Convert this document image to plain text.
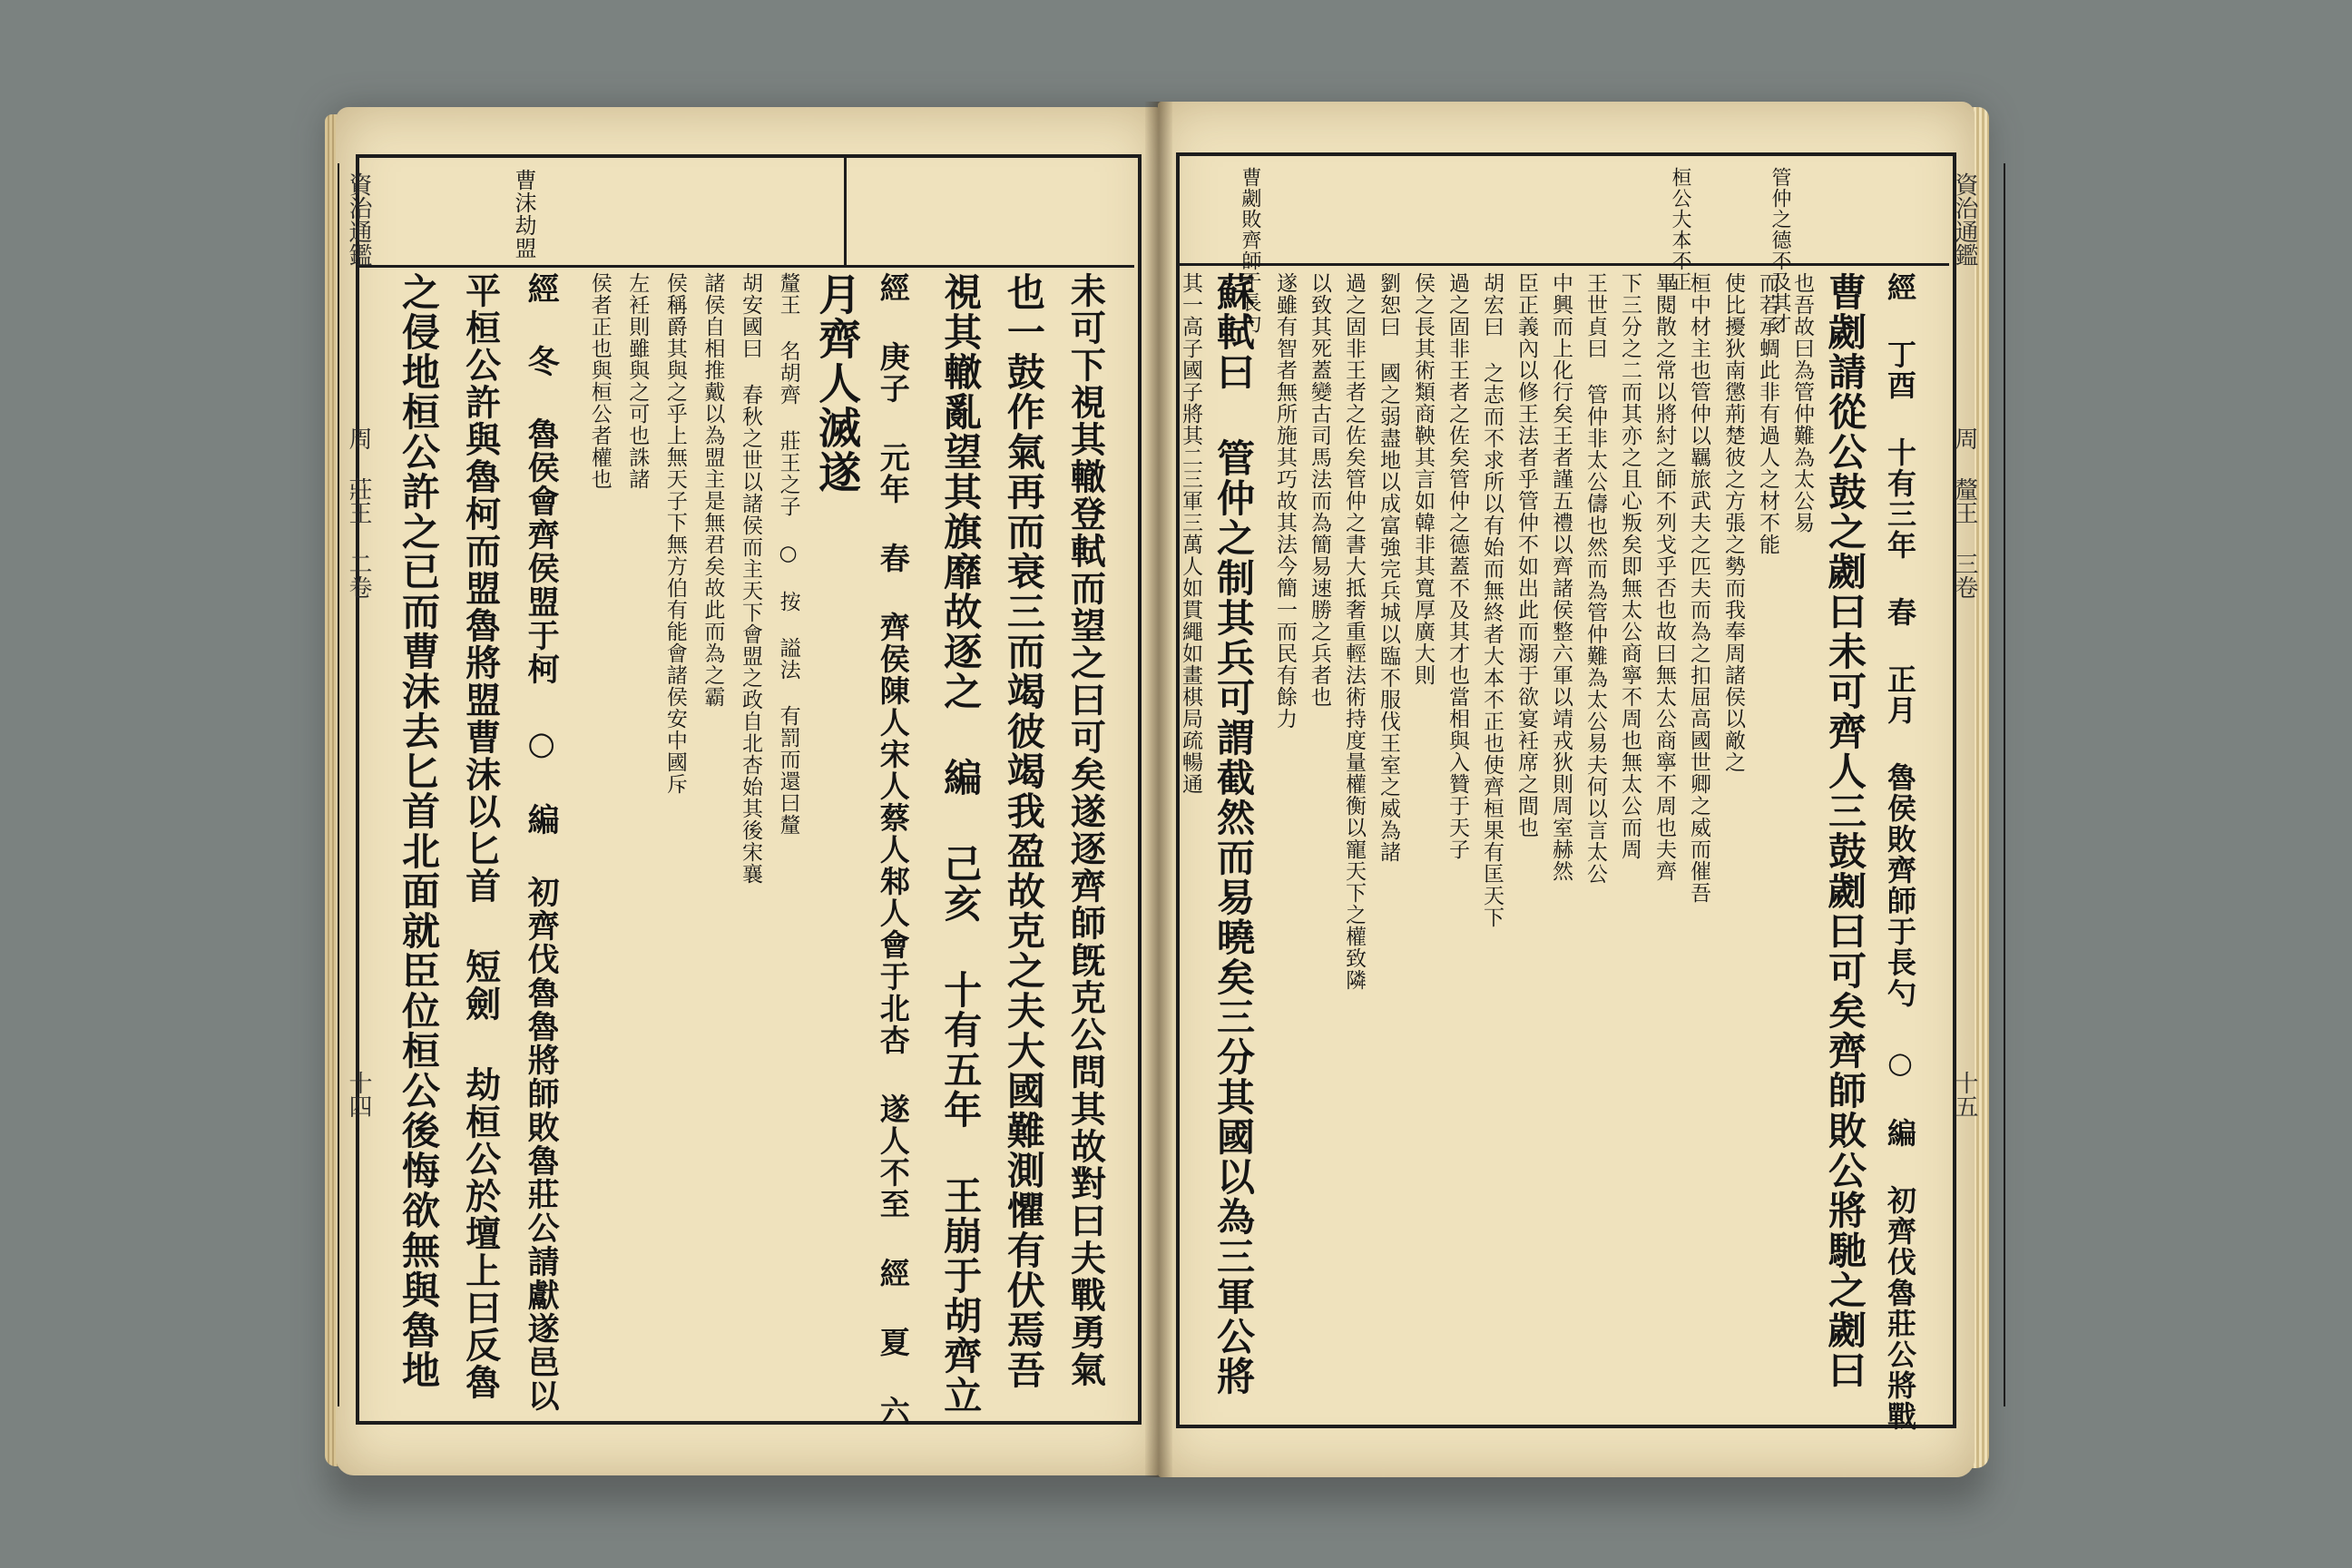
資治通鑑
周 莊王 二卷
十四
曹沫劫盟
未可下視其轍登軾而望之曰可矣遂逐齊師旣克公問其故對曰夫戰勇氣
也一鼓作氣再而衰三而竭彼竭我盈故克之夫大國難測懼有伏焉吾
視其轍亂望其旗靡故逐之 編 己亥 十有五年 王崩于胡齊立
經 庚子 元年 春 齊侯陳人宋人蔡人邾人會于北杏 遂人不至 經 夏 六
月齊人滅遂
釐王 名胡齊 莊王之子 ○ 按 謚法 有罰而還曰釐
胡安國曰 春秋之世以諸侯而主天下會盟之政自北杏始其後宋襄
諸侯自相推戴以為盟主是無君矣故此而為之霸
侯稱爵其與之乎上無天子下無方伯有能會諸侯安中國斥
左衽則雖與之可也誅諸
侯者正也與桓公者權也
經 冬 魯侯會齊侯盟于柯 ○ 編 初齊伐魯魯將師敗魯莊公請獻遂邑以
平桓公許與魯柯而盟魯將盟曹沫以匕首 短劍 劫桓公於壇上曰反魯
之侵地桓公許之已而曹沫去匕首北面就臣位桓公後悔欲無與魯地
資治通鑑
周 釐王 三卷
十五
曹劌敗齊師于長勺	桓公大本不正	管仲之德不及其才
經 丁酉 十有三年 春 正月 魯侯敗齊師于長勺 ○ 編 初齊伐魯莊公將戰
曹劌請從公鼓之劌曰未可齊人三鼓劌曰可矣齊師敗公將馳之劌曰
也吾故曰為管仲難為太公易
而若承蜩此非有過人之材不能
使比擾狄南懲荊楚彼之方張之勢而我奉周諸侯以敵之
桓中材主也管仲以羈旅武夫之匹夫而為之扣屈高國世卿之威而催吾
畢閱散之常以將紂之師不列戈乎否也故曰無太公商寧不周也夫齊
下三分之二而其亦之且心叛矣即無太公商寧不周也無太公而周
王世貞曰 管仲非太公儔也然而為管仲難為太公易夫何以言太公
中興而上化行矣王者謹五禮以齊諸侯整六軍以靖戎狄則周室赫然
臣正義內以修王法者乎管仲不如出此而溺于欲宴衽席之間也
胡宏曰 之志而不求所以有始而無終者大本不正也使齊桓果有匡天下
過之固非王者之佐矣管仲之德蓋不及其才也當相與入贊于天子
侯之長其術類商鞅其言如韓非其寬厚廣大則
劉恕曰 國之弱盡地以成富強完兵城以臨不服伐王室之威為諸
過之固非王者之佐矣管仲之書大抵奢重輕法術持度量權衡以寵天下之權致隣
以致其死蓋變古司馬法而為簡易速勝之兵者也
遂雖有智者無所施其巧故其法今簡一而民有餘力
蘇軾曰 管仲之制其兵可謂截然而易曉矣三分其國以為三軍公將
其一高子國子將其二三軍三萬人如貫繩如畫棋局疏暢通
